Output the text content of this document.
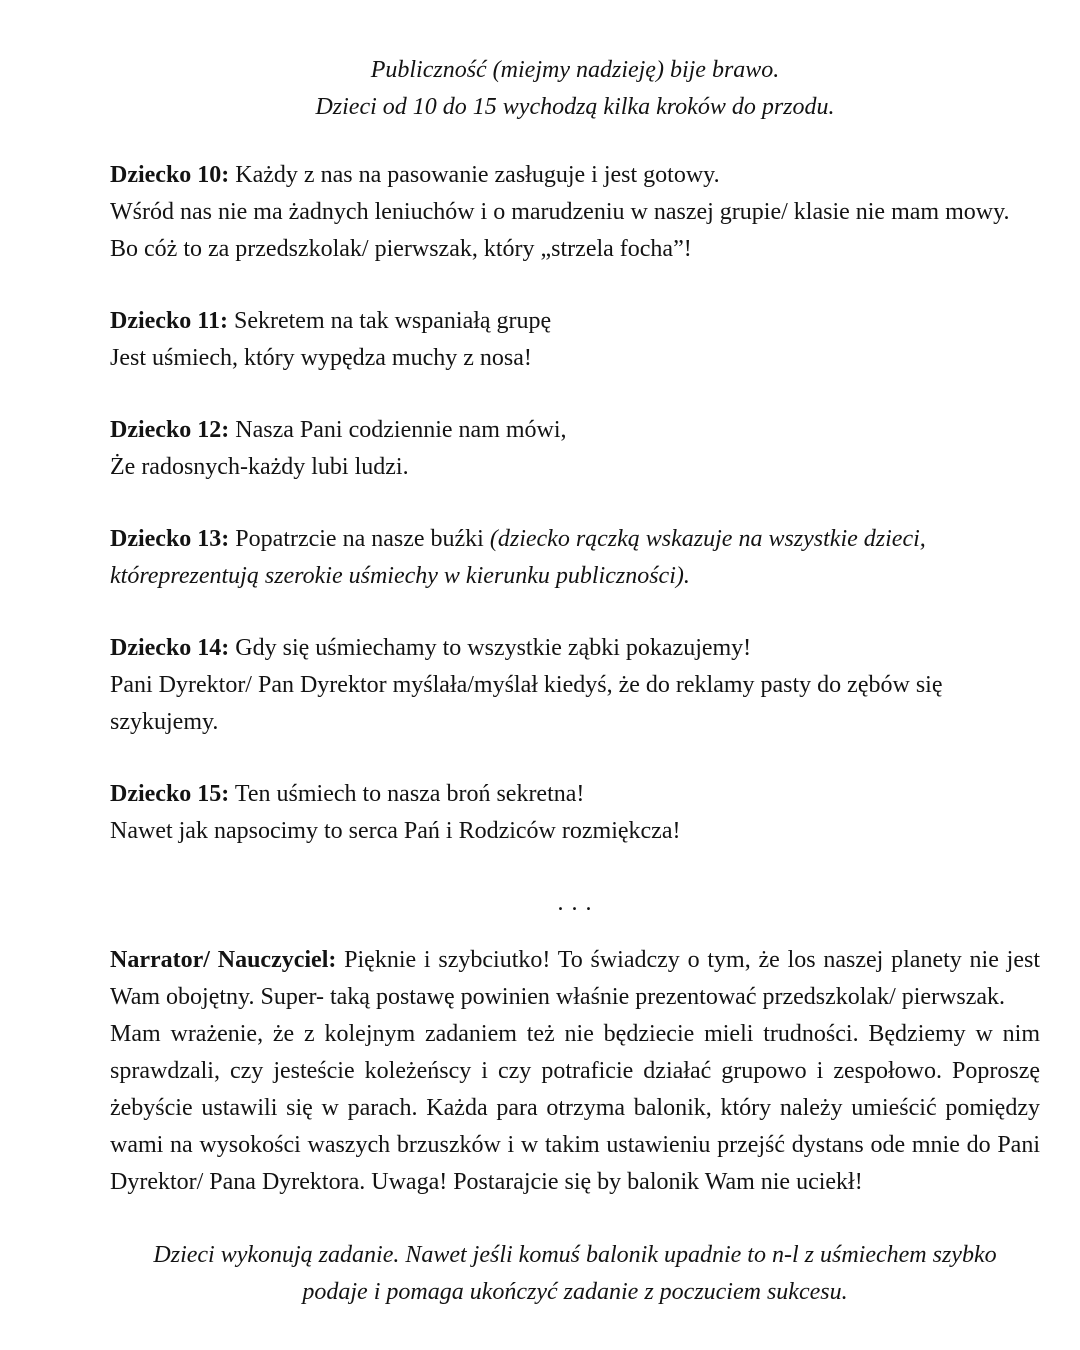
Publiczność (miejmy nadzieję) bije brawo.
Dzieci od 10 do 15 wychodzą kilka kroków do przodu.
Dziecko 10: Każdy z nas na pasowanie zasługuje i jest gotowy.
Wśród nas nie ma żadnych leniuchów i o marudzeniu w naszej grupie/ klasie nie mam mowy.
Bo cóż to za przedszkolak/ pierwszak, który „strzela focha”!
Dziecko 11: Sekretem na tak wspaniałą grupę
Jest uśmiech, który wypędza muchy z nosa!
Dziecko 12: Nasza Pani codziennie nam mówi,
Że radosnych-każdy lubi ludzi.
Dziecko 13: Popatrzcie na nasze buźki (dziecko rączką wskazuje na wszystkie dzieci, któreprezentują szerokie uśmiechy w kierunku publiczności).
Dziecko 14: Gdy się uśmiechamy to wszystkie ząbki pokazujemy!
Pani Dyrektor/ Pan Dyrektor myślała/myślał kiedyś, że do reklamy pasty do zębów się szykujemy.
Dziecko 15: Ten uśmiech to nasza broń sekretna!
Nawet jak napsocimy to serca Pań i Rodziców rozmiękcza!
. . .

Narrator/ Nauczyciel: Pięknie i szybciutko! To świadczy o tym, że los naszej planety nie jest Wam obojętny. Super- taką postawę powinien właśnie prezentować przedszkolak/ pierwszak.

Mam wrażenie, że z kolejnym zadaniem też nie będziecie mieli trudności. Będziemy w nim sprawdzali, czy jesteście koleżeńscy i czy potraficie działać grupowo i zespołowo. Poproszę żebyście ustawili się w parach. Każda para otrzyma balonik, który należy umieścić pomiędzy wami na wysokości waszych brzuszków i w takim ustawieniu przejść dystans ode mnie do Pani Dyrektor/ Pana Dyrektora. Uwaga! Postarajcie się by balonik Wam nie uciekł!

Dzieci wykonują zadanie. Nawet jeśli komuś balonik upadnie to n-l z uśmiechem szybko podaje i pomaga ukończyć zadanie z poczuciem sukcesu.
